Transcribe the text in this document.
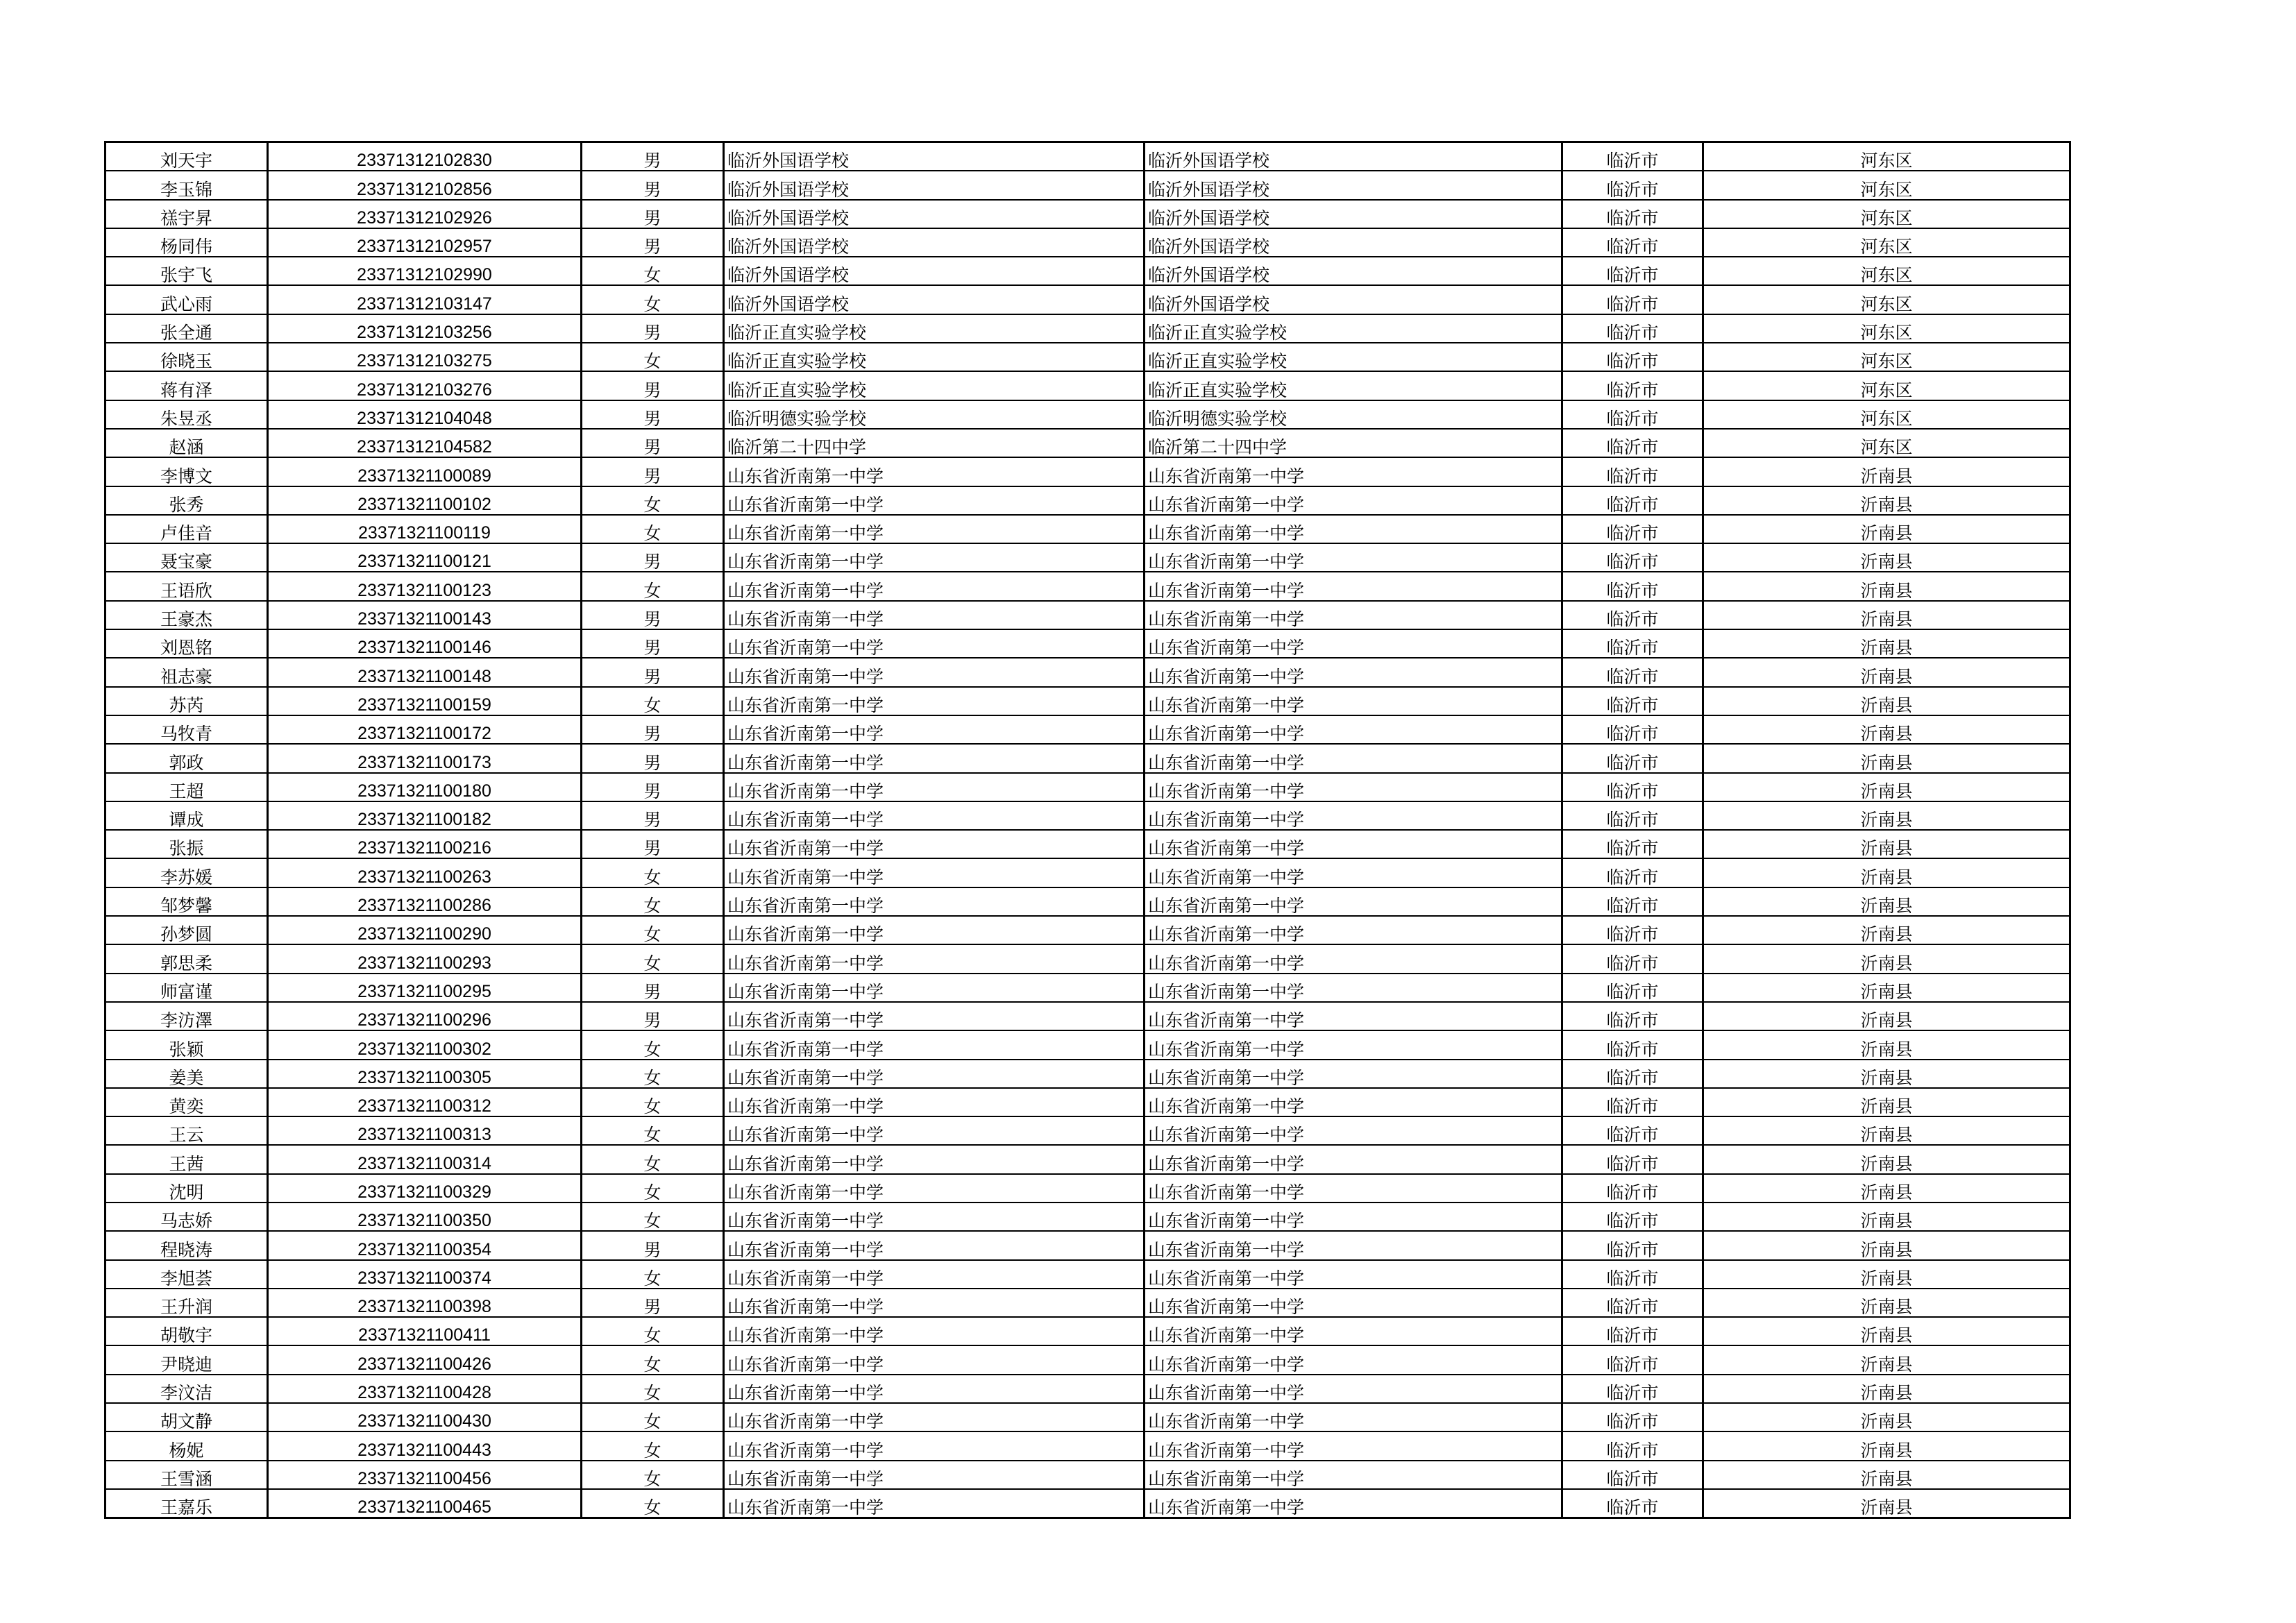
刘天宇	23371312102830	男	临沂外国语学校	临沂外国语学校	临沂市	河东区
李玉锦	23371312102856	男	临沂外国语学校	临沂外国语学校	临沂市	河东区
禚宇昇	23371312102926	男	临沂外国语学校	临沂外国语学校	临沂市	河东区
杨同伟	23371312102957	男	临沂外国语学校	临沂外国语学校	临沂市	河东区
张宇飞	23371312102990	女	临沂外国语学校	临沂外国语学校	临沂市	河东区
武心雨	23371312103147	女	临沂外国语学校	临沂外国语学校	临沂市	河东区
张全通	23371312103256	男	临沂正直实验学校	临沂正直实验学校	临沂市	河东区
徐晓玉	23371312103275	女	临沂正直实验学校	临沂正直实验学校	临沂市	河东区
蒋有泽	23371312103276	男	临沂正直实验学校	临沂正直实验学校	临沂市	河东区
朱昱丞	23371312104048	男	临沂明德实验学校	临沂明德实验学校	临沂市	河东区
赵涵	23371312104582	男	临沂第二十四中学	临沂第二十四中学	临沂市	河东区
李博文	23371321100089	男	山东省沂南第一中学	山东省沂南第一中学	临沂市	沂南县
张秀	23371321100102	女	山东省沂南第一中学	山东省沂南第一中学	临沂市	沂南县
卢佳音	23371321100119	女	山东省沂南第一中学	山东省沂南第一中学	临沂市	沂南县
聂宝豪	23371321100121	男	山东省沂南第一中学	山东省沂南第一中学	临沂市	沂南县
王语欣	23371321100123	女	山东省沂南第一中学	山东省沂南第一中学	临沂市	沂南县
王豪杰	23371321100143	男	山东省沂南第一中学	山东省沂南第一中学	临沂市	沂南县
刘恩铭	23371321100146	男	山东省沂南第一中学	山东省沂南第一中学	临沂市	沂南县
祖志豪	23371321100148	男	山东省沂南第一中学	山东省沂南第一中学	临沂市	沂南县
苏芮	23371321100159	女	山东省沂南第一中学	山东省沂南第一中学	临沂市	沂南县
马牧青	23371321100172	男	山东省沂南第一中学	山东省沂南第一中学	临沂市	沂南县
郭政	23371321100173	男	山东省沂南第一中学	山东省沂南第一中学	临沂市	沂南县
王超	23371321100180	男	山东省沂南第一中学	山东省沂南第一中学	临沂市	沂南县
谭成	23371321100182	男	山东省沂南第一中学	山东省沂南第一中学	临沂市	沂南县
张振	23371321100216	男	山东省沂南第一中学	山东省沂南第一中学	临沂市	沂南县
李苏媛	23371321100263	女	山东省沂南第一中学	山东省沂南第一中学	临沂市	沂南县
邹梦馨	23371321100286	女	山东省沂南第一中学	山东省沂南第一中学	临沂市	沂南县
孙梦圆	23371321100290	女	山东省沂南第一中学	山东省沂南第一中学	临沂市	沂南县
郭思柔	23371321100293	女	山东省沂南第一中学	山东省沂南第一中学	临沂市	沂南县
师富谨	23371321100295	男	山东省沂南第一中学	山东省沂南第一中学	临沂市	沂南县
李汸澤	23371321100296	男	山东省沂南第一中学	山东省沂南第一中学	临沂市	沂南县
张颖	23371321100302	女	山东省沂南第一中学	山东省沂南第一中学	临沂市	沂南县
姜美	23371321100305	女	山东省沂南第一中学	山东省沂南第一中学	临沂市	沂南县
黄奕	23371321100312	女	山东省沂南第一中学	山东省沂南第一中学	临沂市	沂南县
王云	23371321100313	女	山东省沂南第一中学	山东省沂南第一中学	临沂市	沂南县
王茜	23371321100314	女	山东省沂南第一中学	山东省沂南第一中学	临沂市	沂南县
沈明	23371321100329	女	山东省沂南第一中学	山东省沂南第一中学	临沂市	沂南县
马志娇	23371321100350	女	山东省沂南第一中学	山东省沂南第一中学	临沂市	沂南县
程晓涛	23371321100354	男	山东省沂南第一中学	山东省沂南第一中学	临沂市	沂南县
李旭荟	23371321100374	女	山东省沂南第一中学	山东省沂南第一中学	临沂市	沂南县
王升润	23371321100398	男	山东省沂南第一中学	山东省沂南第一中学	临沂市	沂南县
胡敬宇	23371321100411	女	山东省沂南第一中学	山东省沂南第一中学	临沂市	沂南县
尹晓迪	23371321100426	女	山东省沂南第一中学	山东省沂南第一中学	临沂市	沂南县
李汶洁	23371321100428	女	山东省沂南第一中学	山东省沂南第一中学	临沂市	沂南县
胡文静	23371321100430	女	山东省沂南第一中学	山东省沂南第一中学	临沂市	沂南县
杨妮	23371321100443	女	山东省沂南第一中学	山东省沂南第一中学	临沂市	沂南县
王雪涵	23371321100456	女	山东省沂南第一中学	山东省沂南第一中学	临沂市	沂南县
王嘉乐	23371321100465	女	山东省沂南第一中学	山东省沂南第一中学	临沂市	沂南县
